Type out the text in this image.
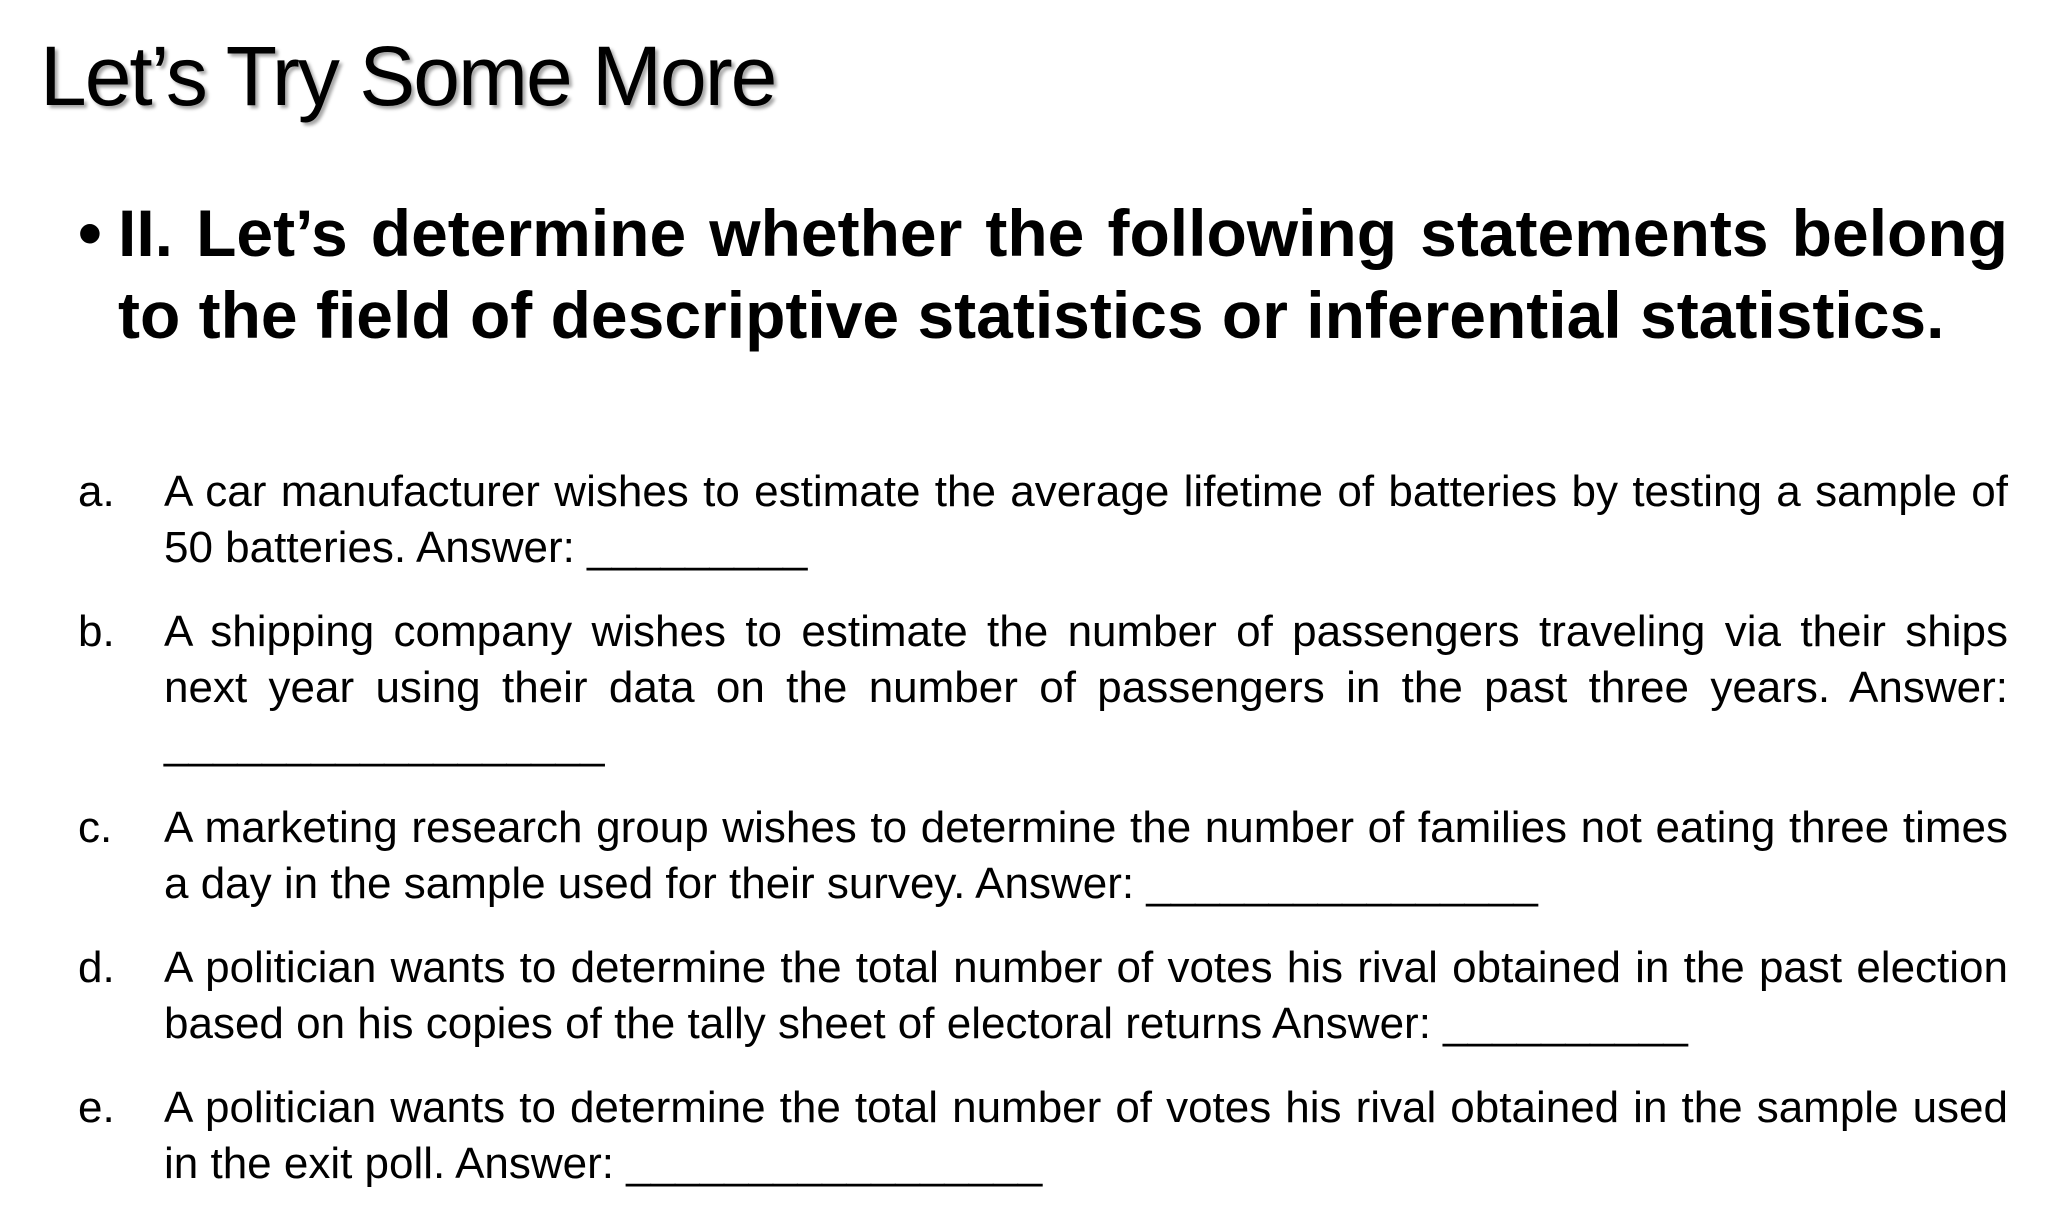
Let’s Try Some More
• II. Let’s determine whether the following statements belong to the field of descriptive statistics or inferential statistics.

a.	A car manufacturer wishes to estimate the average lifetime of batteries by testing a sample of 50 batteries. Answer: _________

b.	A shipping company wishes to estimate the number of passengers traveling via their ships next year using their data on the number of passengers in the past three years. Answer: __________________

c.	A marketing research group wishes to determine the number of families not eating three times a day in the sample used for their survey. Answer: ________________

d.	A politician wants to determine the total number of votes his rival obtained in the past election based on his copies of the tally sheet of electoral returns Answer: __________

e.	A politician wants to determine the total number of votes his rival obtained in the sample used in the exit poll. Answer: _________________
